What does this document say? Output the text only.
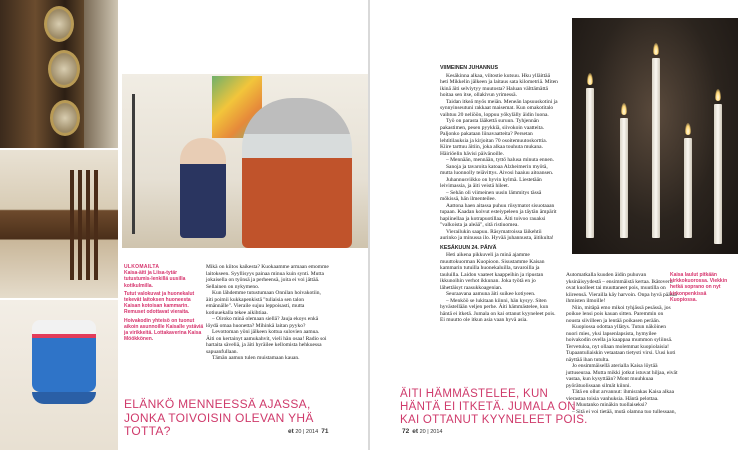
ULKOMAILTA

Kaisa-äiti ja Liisa-tytär tutustumis-lenkillä uusilla kotikulmilla.

Tutut valokuvat ja huonekalut tekevät laitoksen huoneesta Kaisan kotoisan kammarin. Remuset odottavat vieraita.

Hoivakodin yhteisö on tuonut aikoin asunnoille Kaisalle ystäviä ja virikkeitä. Lottakaverina Kaisa Möökkönen.

Mikä on kiitos kaikesta? Kuokaamme armaan emomme laitokseen. Syyllisyys painaa minua kuin synti. Mutta jokaisella on työnsä ja perheensä, joita ei voi jättää. Sellainen on nykymeno.

Kun lähdemme tutustumaan Onnilan hoivakotiin, äiti poimii kukkapenkistä "tuliaisia sen talon emännälle". Vieraile sujuu leppoisasti, mutta kotiuuekalla tekee aikihtiaa.

– Oiroko minä olemaan siellä? Jauja ekoys enkä löydä omaa huonetta? Mihinkä laitan pyyko?

Levottoman yöni jälkeen kottua sulovien aamua. Äiti on kertainyt aamukahvit, vieli hän osaa! Radio soi hartaita säveliä, ja äiti hyräilee kellomista hehkuessa sapuanfullaan.

Tämän aamun tulen muistamaan kauan.

ELÄNKÖ MENNEESSÄ AJASSA, JONKA TOIVOISIN OLEVAN YHÄ TOTTA?	et 20 | 2014 71

VIIMEINEN JUHANNUS

Kesäkinna alkaa, viitostie kutsuu. Hku ylläittää heti Mikkelin jälkeen ja laitaus sata kilometriä. Miten ikinä äiti selviytyy muutosta? Haluan välttämättä hoitaa sen itse, ollakivun yrimessä.

Taidan itkeä myös meiän. Meneän lapsuuskotini ja synnyinseutuni rakkaat maisemat. Kun omakotitalo vaihtuu 20 neliöön, loppuu yökylälly äidin luona.

Työ on parasta lääkettä suruun. Tyhjennän pakastimen, pesen pyykkiä, siivokoin vaatteita. Paljonko pakataan liinavaatteita? Persetan lehtitilauksia ja kirjoitan 70 osoitemuutoskorttia. Kiire tarttuu äitiin, joka alkaa touhuta mukana. Häiriöelin hävisi päivänoille.

– Mennään, mennään, tyttö halusa minuta ennen.

Sanoja ja tavaroita katoaa Alzheimerin myötä, mutta luonnolly teiävittys. Aivosi haaiuu aitoansen.

Juhannusviikko on hyvin kylmä. Liestetään leivimassia, ja äiti veistä hileet.

– Sehän oli viimeinen uusin lämmitys tässä mökissä, hän ilmenteilee.

Aattona haen aitassa puhuu riisymatot sisuotaaan tupaan. Kaadan koivut esteiypeleen ja täytän ämpärit hapiinellaa ja kotrapuotillaa. Äiti toivoo rauaksi "valkoista ja aleää", sitä ristiuomea.

Vierailukin saapuu. Räsymatroissa läikehtii aurinko ja minussa ilo. Hyvää juhannusta, äitikulta!

KESÄKUUN 24. PÄIVÄ

Heti aikena pikkuveli ja minä ajamme muuttokuorman Kuopioon. Sisustamme Kaisan kammarin tutuilla huonekaluilla, tavaroilla ja tauluilla. Laidon vaateet kaappeihin ja ripustan ikkunoihin verhot ikkunan. Joka työtä en jo lähettäisyt raasukkoagenian.

Seuraavana aamuna äiti suikee kotiyeen.

– Menköö se lukitaan kiinni, hän kysyy. Siten hyvästellään veljen perhe. Äiti hämmästelee, kun häntä ei itketä. Jumala on kai ottanut kyyneleet pois. Ei muutto ole itkun asia vaan hyvä asia.

Automatkalla kuuden äidin puhuvan yksinäisyydestä – ensimmäistä kertaa. Ikätoverit ovat kuolleet tai muuttaneet pois, muutilla on kiireensä. Vierailla käy harvoin. Onpa hyvä päästä ihmisten ilmoille!

Niin, mitäpä emo mikoi tyhjässä pesässä, jos poikue lensi pois kauan sitten. Paremmin on nousta siivilleen ja lentää poikasen perään.

Kuopiossa odottaa yllätys. Tutun näköinen nuori mies, yksi lapsenlapsista, hymyilee hoivakodin ovella ja kaappaa mummon syliinsä. Tervetuloa, nyt ollaan molemmat kuopiolaisia! Tupaantuliaiskin vetaataan tietysti virsi. Uusi koti näyttää ihan tutulta.

Jo ensimmäisellä aterialla Kaisa löytää juttuseuraa. Mutta mikki jotkut istuvat hiljaa, eivät vastaa, kun kysyttään? Mont muuhkuaa pyörätuolissaan silmät kiinni.

Tätä en ollut arvannut: ihmisrakas Kaisa alkaa vierastaa toisia vanhuksia. Häntä pelottaa.

– Muutanko minäkin tuollaiseksi?

– Sitä ei voi tietää, mutä olamna tuo tullessaan,

Kaisa laulut pitkään kirkkokuorossa. Viekkin hetkä soprano on nyt kirkonpenkissä Kuopiossa.
ÄITI HÄMMÄSTELEE, KUN HÄNTÄ EI ITKETÄ. JUMALA ON KAI OTTANUT KYYNELEET POIS.
72 et 20 | 2014
